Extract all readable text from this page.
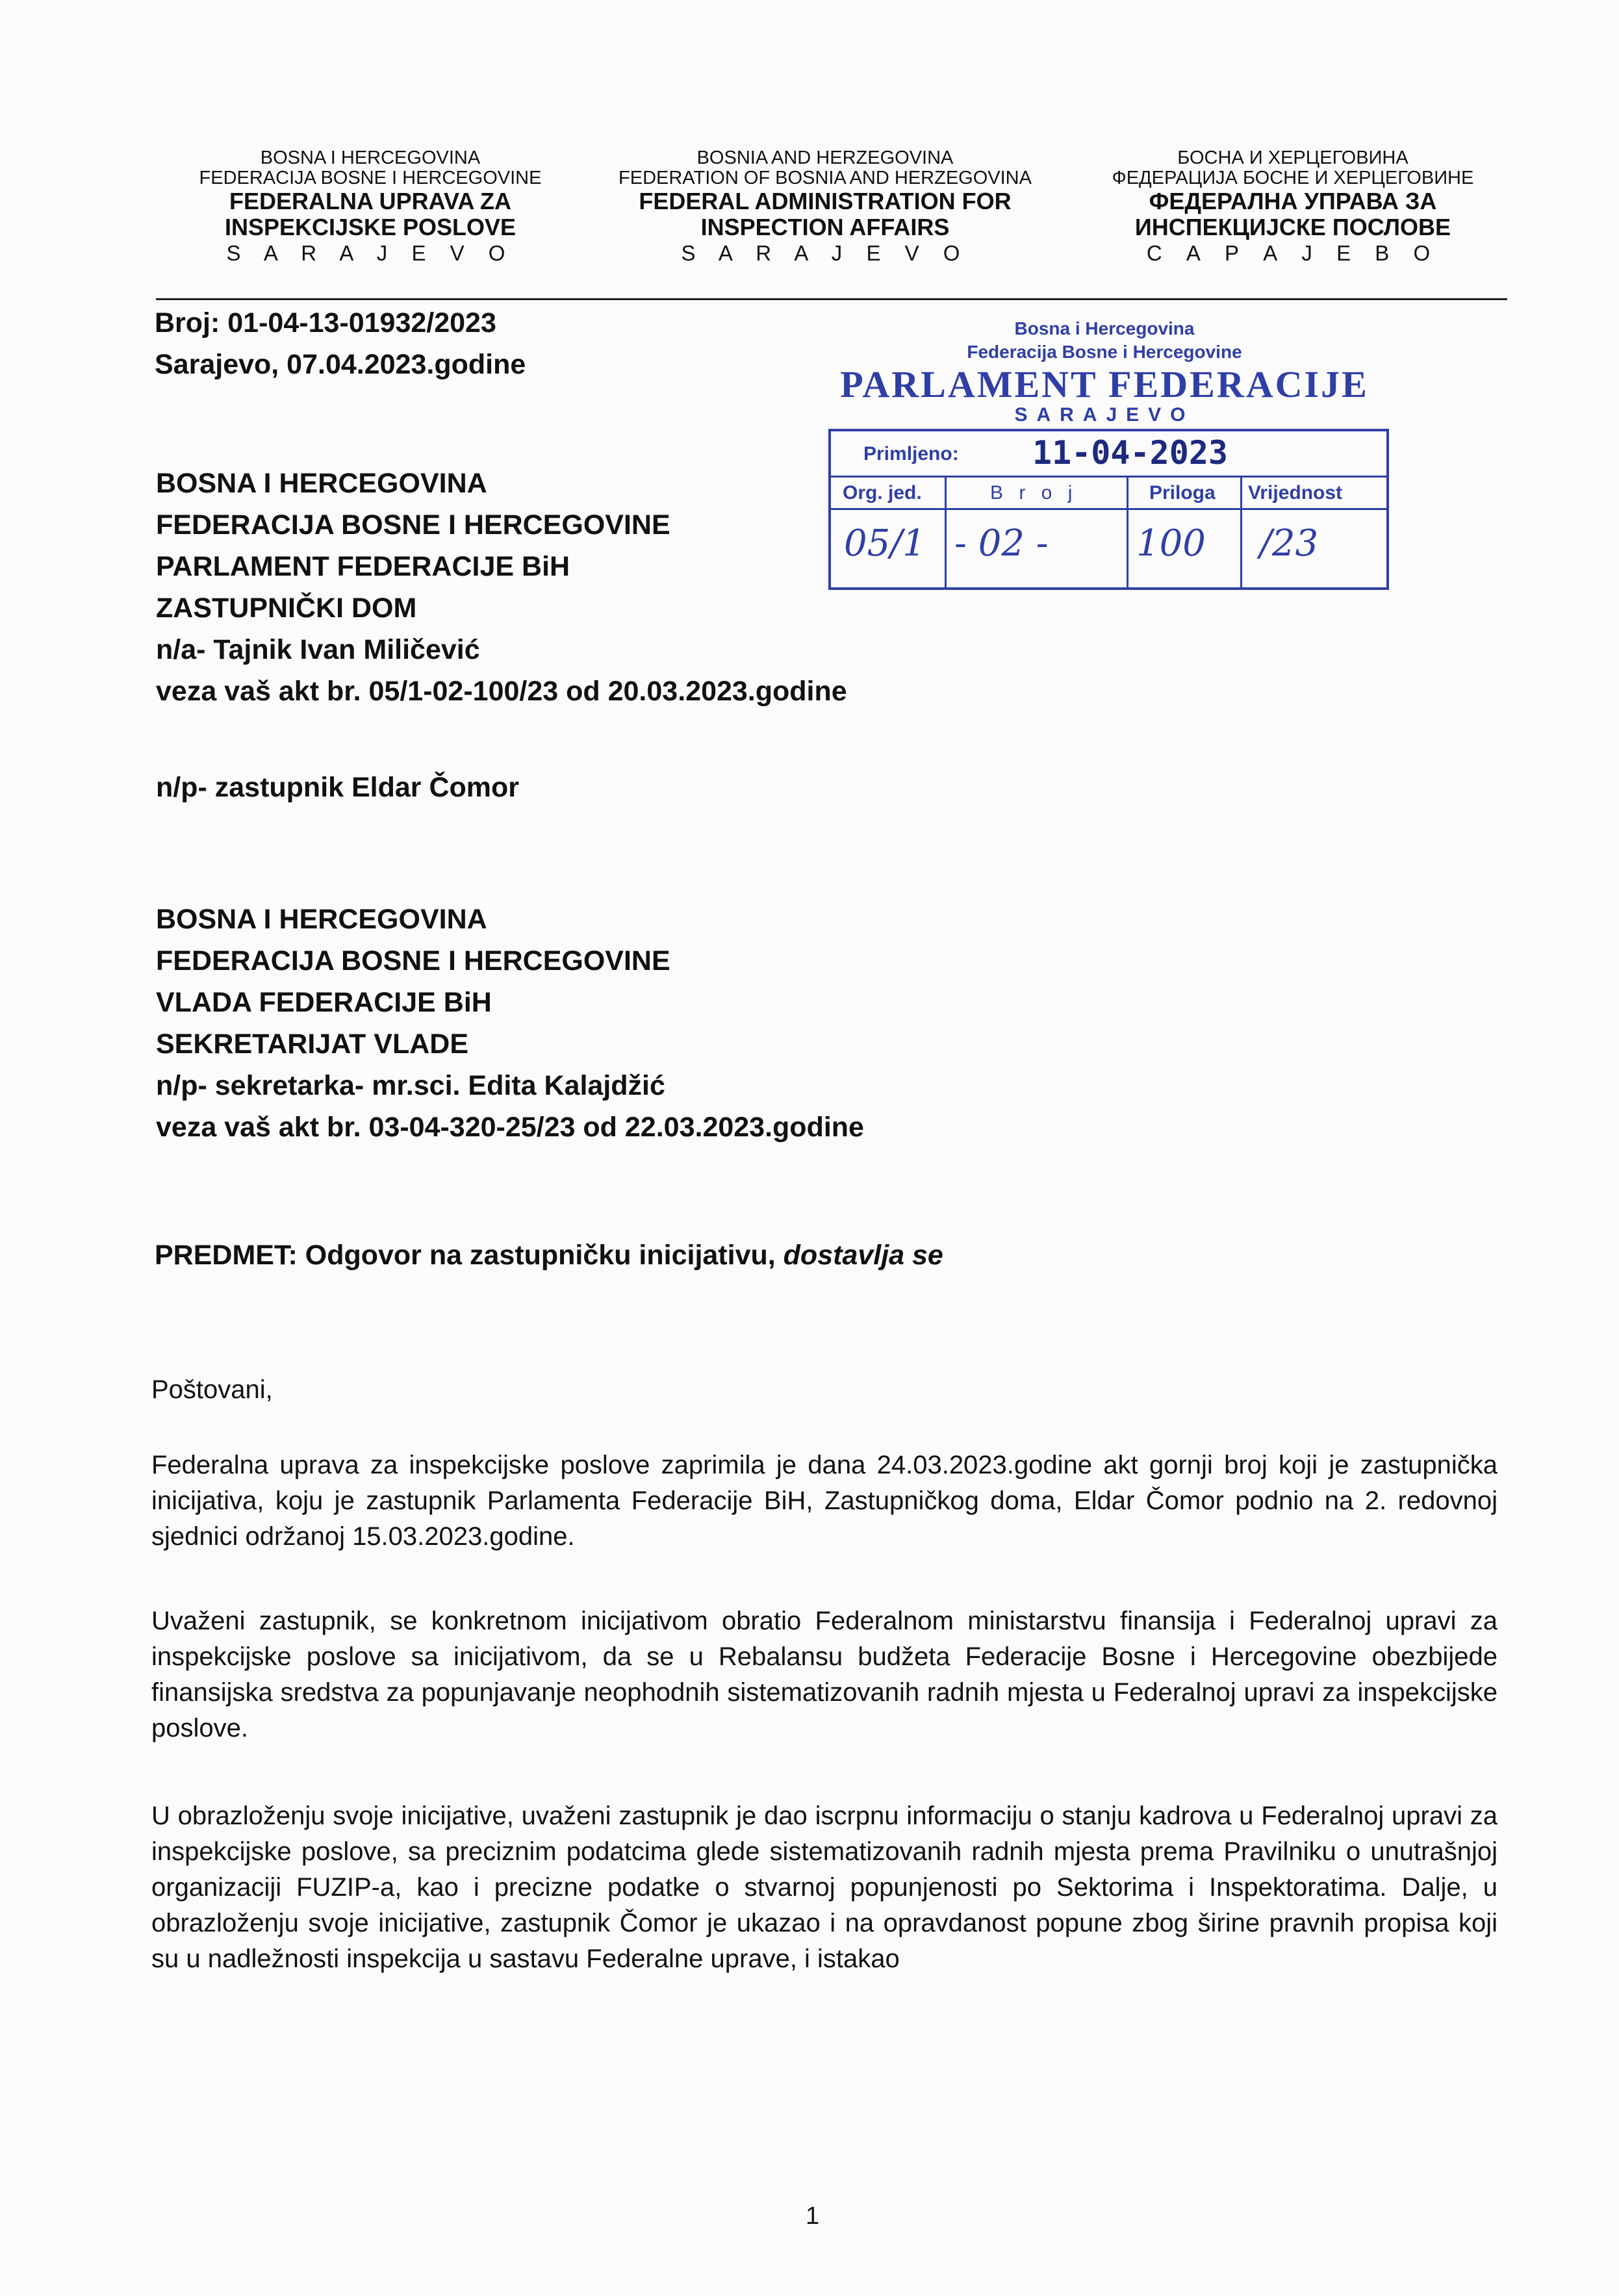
BOSNA I HERCEGOVINA
FEDERACIJA BOSNE I HERCEGOVINE
FEDERALNA UPRAVA ZA
INSPEKCIJSKE POSLOVE
S A R A J E V O
BOSNIA AND HERZEGOVINA
FEDERATION OF BOSNIA AND HERZEGOVINA
FEDERAL ADMINISTRATION FOR
INSPECTION AFFAIRS
S A R A J E V O
БОСНА И ХЕРЦЕГОВИНА
ФЕДЕРАЦИЈА БОСНЕ И ХЕРЦЕГОВИНЕ
ФЕДЕРАЛНА УПРАВА ЗА
ИНСПЕКЦИЈСКЕ ПОСЛОВЕ
С А Р А Ј Е В О
Broj: 01-04-13-01932/2023
Sarajevo, 07.04.2023.godine
Bosna i Hercegovina
Federacija Bosne i Hercegovine
PARLAMENT FEDERACIJE
SARAJEVO
Primljeno: 11-04-2023
Org. jed.	B r o j	Priloga Vrijednost
05/1 - 02 - 100 /23
BOSNA I HERCEGOVINA
FEDERACIJA BOSNE I HERCEGOVINE
PARLAMENT FEDERACIJE BiH
ZASTUPNIČKI DOM
n/a- Tajnik Ivan Miličević
veza vaš akt br. 05/1-02-100/23 od 20.03.2023.godine
n/p- zastupnik Eldar Čomor
BOSNA I HERCEGOVINA
FEDERACIJA BOSNE I HERCEGOVINE
VLADA FEDERACIJE BiH
SEKRETARIJAT VLADE
n/p- sekretarka- mr.sci. Edita Kalajdžić
veza vaš akt br. 03-04-320-25/23 od 22.03.2023.godine
PREDMET: Odgovor na zastupničku inicijativu, dostavlja se
Poštovani,
Federalna uprava za inspekcijske poslove zaprimila je dana 24.03.2023.godine akt gornji broj koji je zastupnička inicijativa, koju je zastupnik Parlamenta Federacije BiH, Zastupničkog doma, Eldar Čomor podnio na 2. redovnoj sjednici održanoj 15.03.2023.godine.
Uvaženi zastupnik, se konkretnom inicijativom obratio Federalnom ministarstvu finansija i Federalnoj upravi za inspekcijske poslove sa inicijativom, da se u Rebalansu budžeta Federacije Bosne i Hercegovine obezbijede finansijska sredstva za popunjavanje neophodnih sistematizovanih radnih mjesta u Federalnoj upravi za inspekcijske poslove.
U obrazloženju svoje inicijative, uvaženi zastupnik je dao iscrpnu informaciju o stanju kadrova u Federalnoj upravi za inspekcijske poslove, sa preciznim podatcima glede sistematizovanih radnih mjesta prema Pravilniku o unutrašnjoj organizaciji FUZIP-a, kao i precizne podatke o stvarnoj popunjenosti po Sektorima i Inspektoratima. Dalje, u obrazloženju svoje inicijative, zastupnik Čomor je ukazao i na opravdanost popune zbog širine pravnih propisa koji su u nadležnosti inspekcija u sastavu Federalne uprave, i istakao
1
